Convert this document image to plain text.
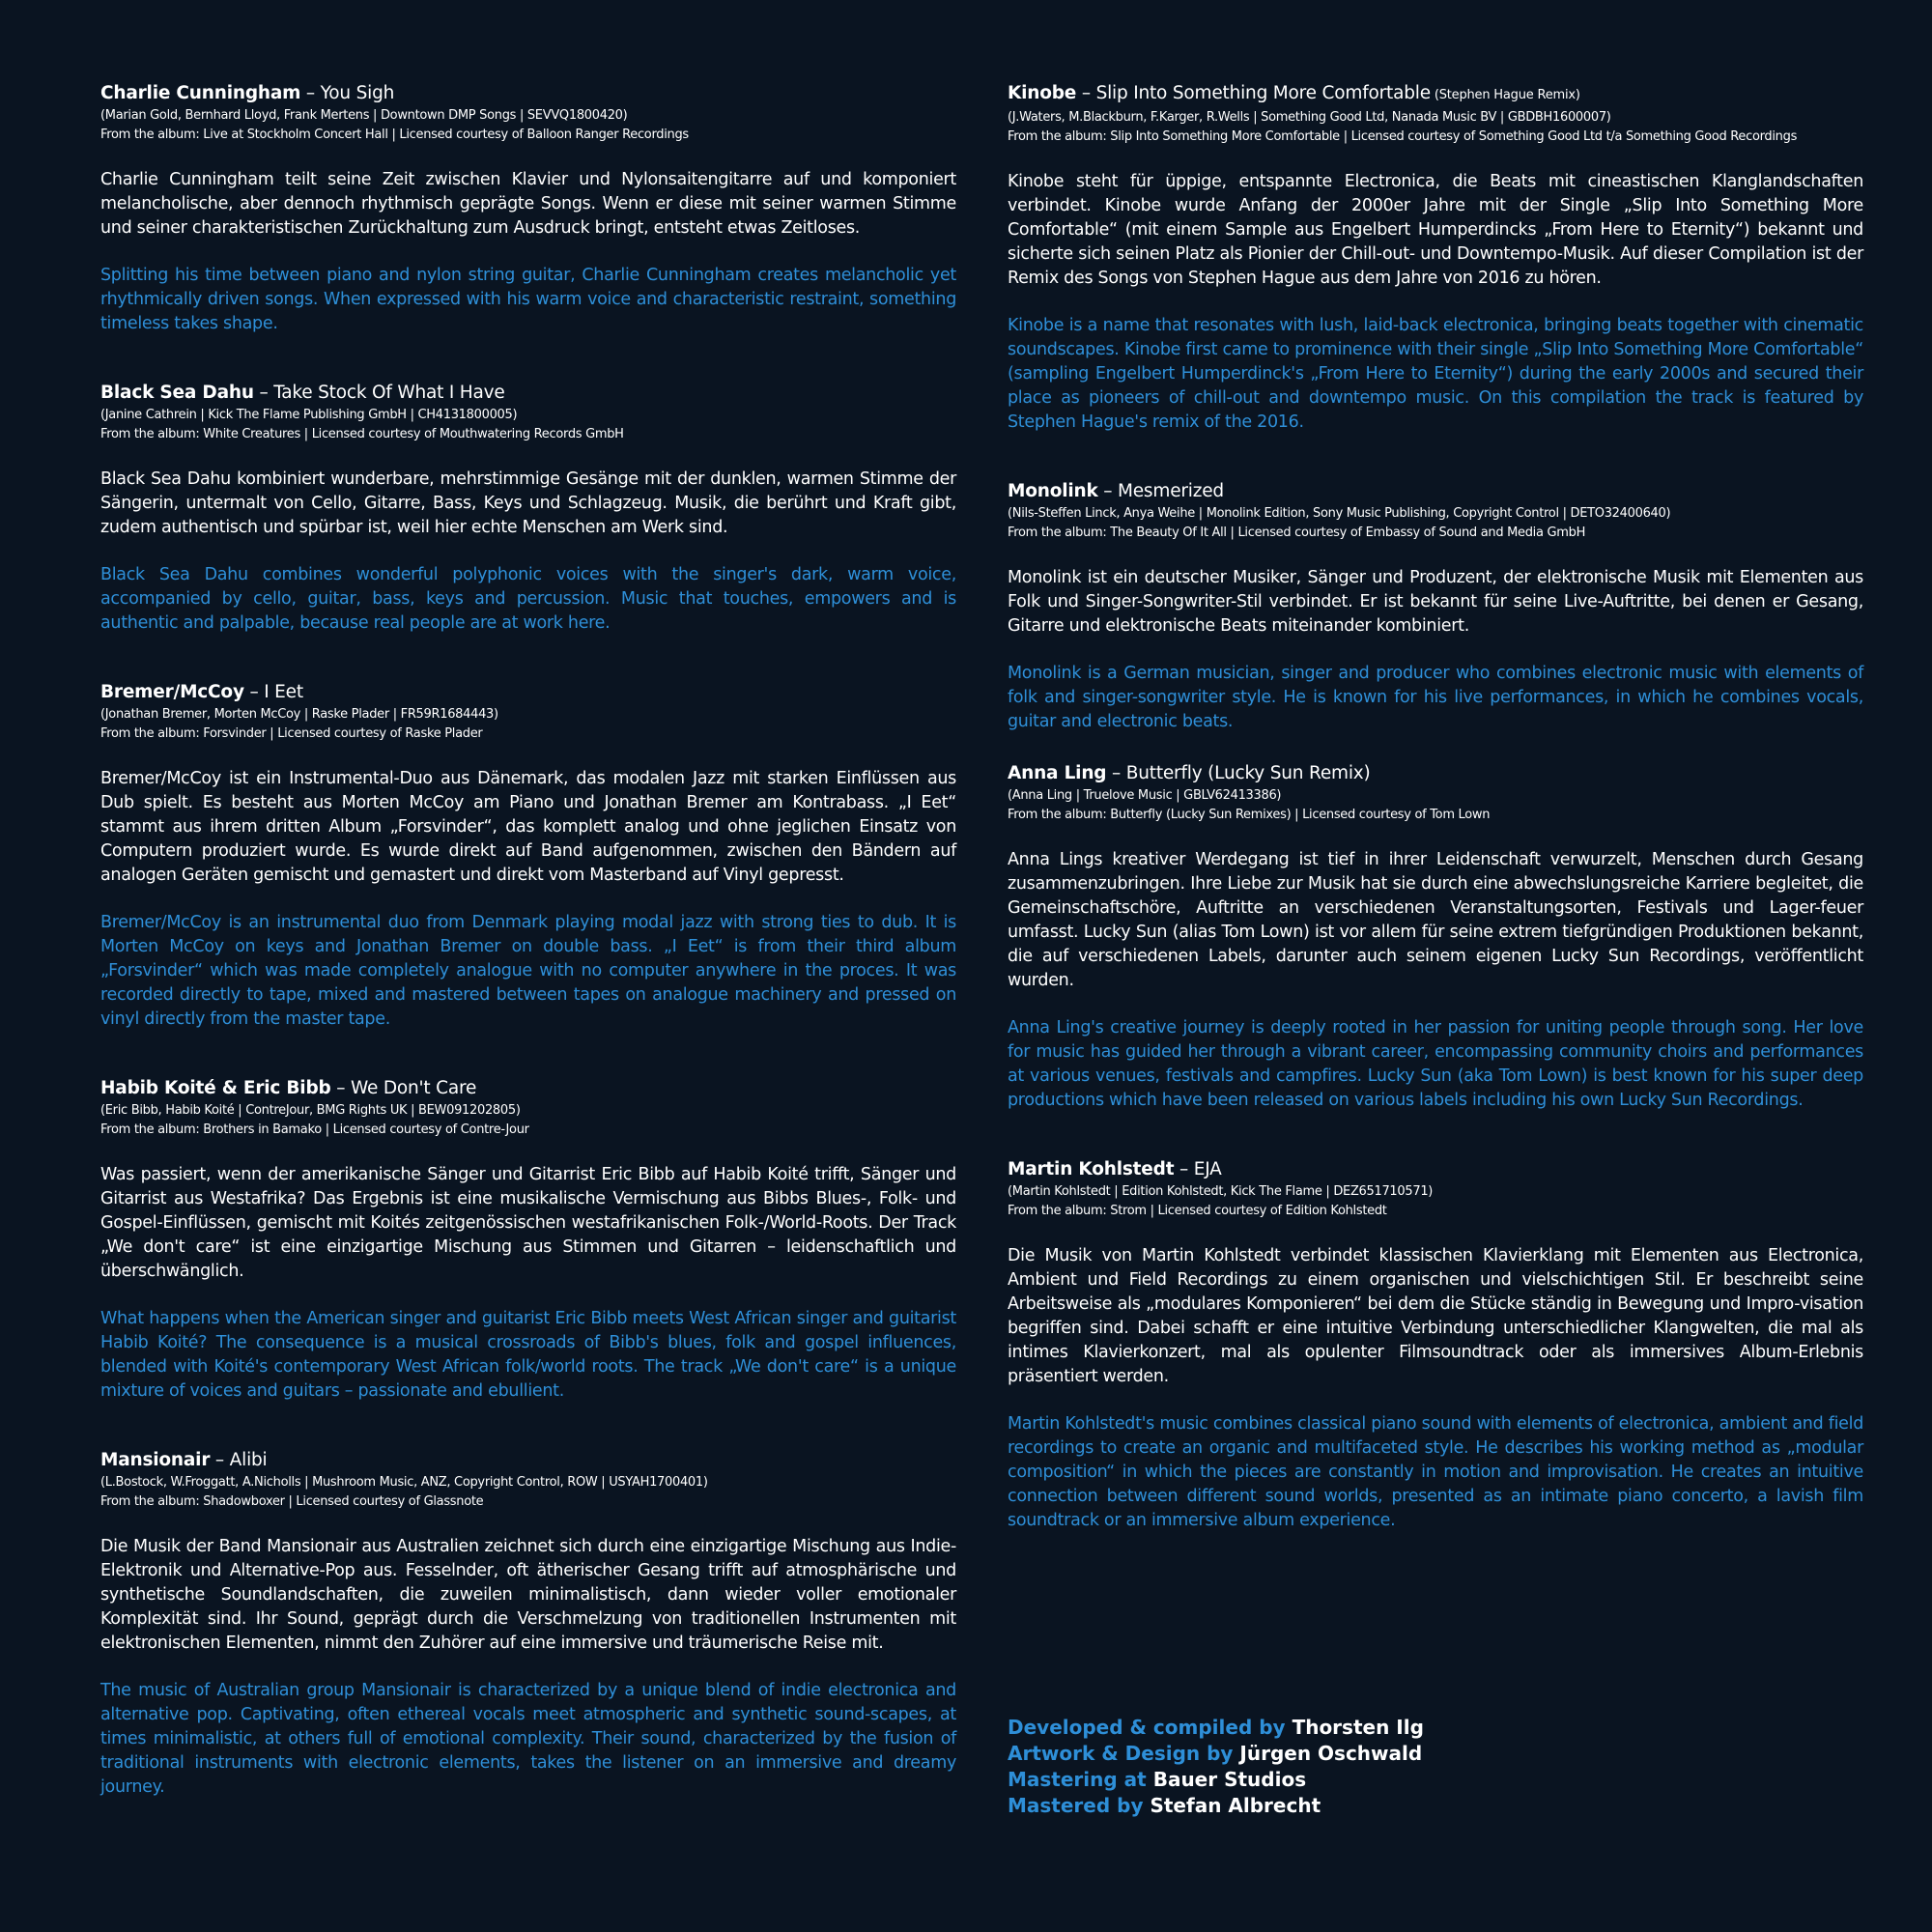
Charlie Cunningham – You Sigh
(Marian Gold, Bernhard Lloyd, Frank Mertens | Downtown DMP Songs | SEVVQ1800420)
From the album: Live at Stockholm Concert Hall | Licensed courtesy of Balloon Ranger Recordings

Charlie Cunningham teilt seine Zeit zwischen Klavier und Nylonsaitengitarre auf und komponiert melancholische, aber dennoch rhythmisch geprägte Songs. Wenn er diese mit seiner warmen Stimme und seiner charakteristischen Zurückhaltung zum Ausdruck bringt, entsteht etwas Zeitloses.

Splitting his time between piano and nylon string guitar, Charlie Cunningham creates melancholic yet rhythmically driven songs. When expressed with his warm voice and characteristic restraint, something timeless takes shape.

Black Sea Dahu – Take Stock Of What I Have
(Janine Cathrein | Kick The Flame Publishing GmbH | CH4131800005)
From the album: White Creatures | Licensed courtesy of Mouthwatering Records GmbH

Black Sea Dahu kombiniert wunderbare, mehrstimmige Gesänge mit der dunklen, warmen Stimme der Sängerin, untermalt von Cello, Gitarre, Bass, Keys und Schlagzeug. Musik, die berührt und Kraft gibt, zudem authentisch und spürbar ist, weil hier echte Menschen am Werk sind.

Black Sea Dahu combines wonderful polyphonic voices with the singer's dark, warm voice, accompanied by cello, guitar, bass, keys and percussion. Music that touches, empowers and is authentic and palpable, because real people are at work here.

Bremer/McCoy – I Eet
(Jonathan Bremer, Morten McCoy | Raske Plader | FR59R1684443)
From the album: Forsvinder | Licensed courtesy of Raske Plader

Bremer/McCoy ist ein Instrumental-Duo aus Dänemark, das modalen Jazz mit starken Einflüssen aus Dub spielt. Es besteht aus Morten McCoy am Piano und Jonathan Bremer am Kontrabass. „I Eet“ stammt aus ihrem dritten Album „Forsvinder“, das komplett analog und ohne jeglichen Einsatz von Computern produziert wurde. Es wurde direkt auf Band aufgenommen, zwischen den Bändern auf analogen Geräten gemischt und gemastert und direkt vom Masterband auf Vinyl gepresst.

Bremer/McCoy is an instrumental duo from Denmark playing modal jazz with strong ties to dub. It is Morten McCoy on keys and Jonathan Bremer on double bass. „I Eet“ is from their third album „Forsvinder“ which was made completely analogue with no computer anywhere in the proces. It was recorded directly to tape, mixed and mastered between tapes on analogue machinery and pressed on vinyl directly from the master tape.

Habib Koité & Eric Bibb – We Don't Care
(Eric Bibb, Habib Koité | ContreJour, BMG Rights UK | BEW091202805)
From the album: Brothers in Bamako | Licensed courtesy of Contre-Jour

Was passiert, wenn der amerikanische Sänger und Gitarrist Eric Bibb auf Habib Koité trifft, Sänger und Gitarrist aus Westafrika? Das Ergebnis ist eine musikalische Vermischung aus Bibbs Blues-, Folk- und Gospel-Einflüssen, gemischt mit Koités zeitgenössischen westafrikanischen Folk-/World-Roots. Der Track „We don't care“ ist eine einzigartige Mischung aus Stimmen und Gitarren – leidenschaftlich und überschwänglich.

What happens when the American singer and guitarist Eric Bibb meets West African singer and guitarist Habib Koité? The consequence is a musical crossroads of Bibb's blues, folk and gospel influences, blended with Koité's contemporary West African folk/world roots. The track „We don't care“ is a unique mixture of voices and guitars – passionate and ebullient.

Mansionair – Alibi
(L.Bostock, W.Froggatt, A.Nicholls | Mushroom Music, ANZ, Copyright Control, ROW | USYAH1700401)
From the album: Shadowboxer | Licensed courtesy of Glassnote

Die Musik der Band Mansionair aus Australien zeichnet sich durch eine einzigartige Mischung aus Indie-Elektronik und Alternative-Pop aus. Fesselnder, oft ätherischer Gesang trifft auf atmosphärische und synthetische Soundlandschaften, die zuweilen minimalistisch, dann wieder voller emotionaler Komplexität sind. Ihr Sound, geprägt durch die Verschmelzung von traditionellen Instrumenten mit elektronischen Elementen, nimmt den Zuhörer auf eine immersive und träumerische Reise mit.

The music of Australian group Mansionair is characterized by a unique blend of indie electronica and alternative pop. Captivating, often ethereal vocals meet atmospheric and synthetic sound-scapes, at times minimalistic, at others full of emotional complexity. Their sound, characterized by the fusion of traditional instruments with electronic elements, takes the listener on an immersive and dreamy journey.

Kinobe – Slip Into Something More Comfortable (Stephen Hague Remix)
(J.Waters, M.Blackburn, F.Karger, R.Wells | Something Good Ltd, Nanada Music BV | GBDBH1600007)
From the album: Slip Into Something More Comfortable | Licensed courtesy of Something Good Ltd t/a Something Good Recordings

Kinobe steht für üppige, entspannte Electronica, die Beats mit cineastischen Klanglandschaften verbindet. Kinobe wurde Anfang der 2000er Jahre mit der Single „Slip Into Something More Comfortable“ (mit einem Sample aus Engelbert Humperdincks „From Here to Eternity“) bekannt und sicherte sich seinen Platz als Pionier der Chill-out- und Downtempo-Musik. Auf dieser Compilation ist der Remix des Songs von Stephen Hague aus dem Jahre von 2016 zu hören.

Kinobe is a name that resonates with lush, laid-back electronica, bringing beats together with cinematic soundscapes. Kinobe first came to prominence with their single „Slip Into Something More Comfortable“ (sampling Engelbert Humperdinck's „From Here to Eternity“) during the early 2000s and secured their place as pioneers of chill-out and downtempo music. On this compilation the track is featured by Stephen Hague's remix of the 2016.

Monolink – Mesmerized
(Nils-Steffen Linck, Anya Weihe | Monolink Edition, Sony Music Publishing, Copyright Control | DETO32400640)
From the album: The Beauty Of It All | Licensed courtesy of Embassy of Sound and Media GmbH

Monolink ist ein deutscher Musiker, Sänger und Produzent, der elektronische Musik mit Elementen aus Folk und Singer-Songwriter-Stil verbindet. Er ist bekannt für seine Live-Auftritte, bei denen er Gesang, Gitarre und elektronische Beats miteinander kombiniert.

Monolink is a German musician, singer and producer who combines electronic music with elements of folk and singer-songwriter style. He is known for his live performances, in which he combines vocals, guitar and electronic beats.

Anna Ling – Butterfly (Lucky Sun Remix)
(Anna Ling | Truelove Music | GBLV62413386)
From the album: Butterfly (Lucky Sun Remixes) | Licensed courtesy of Tom Lown

Anna Lings kreativer Werdegang ist tief in ihrer Leidenschaft verwurzelt, Menschen durch Gesang zusammenzubringen. Ihre Liebe zur Musik hat sie durch eine abwechslungsreiche Karriere begleitet, die Gemeinschaftschöre, Auftritte an verschiedenen Veranstaltungsorten, Festivals und Lager-feuer umfasst. Lucky Sun (alias Tom Lown) ist vor allem für seine extrem tiefgründigen Produktionen bekannt, die auf verschiedenen Labels, darunter auch seinem eigenen Lucky Sun Recordings, veröffentlicht wurden.

Anna Ling's creative journey is deeply rooted in her passion for uniting people through song. Her love for music has guided her through a vibrant career, encompassing community choirs and performances at various venues, festivals and campfires. Lucky Sun (aka Tom Lown) is best known for his super deep productions which have been released on various labels including his own Lucky Sun Recordings.

Martin Kohlstedt – EJA
(Martin Kohlstedt | Edition Kohlstedt, Kick The Flame | DEZ651710571)
From the album: Strom | Licensed courtesy of Edition Kohlstedt

Die Musik von Martin Kohlstedt verbindet klassischen Klavierklang mit Elementen aus Electronica, Ambient und Field Recordings zu einem organischen und vielschichtigen Stil. Er beschreibt seine Arbeitsweise als „modulares Komponieren“ bei dem die Stücke ständig in Bewegung und Impro-visation begriffen sind. Dabei schafft er eine intuitive Verbindung unterschiedlicher Klangwelten, die mal als intimes Klavierkonzert, mal als opulenter Filmsoundtrack oder als immersives Album-Erlebnis präsentiert werden.

Martin Kohlstedt's music combines classical piano sound with elements of electronica, ambient and field recordings to create an organic and multifaceted style. He describes his working method as „modular composition“ in which the pieces are constantly in motion and improvisation. He creates an intuitive connection between different sound worlds, presented as an intimate piano concerto, a lavish film soundtrack or an immersive album experience.

Developed & compiled by Thorsten Ilg
Artwork & Design by Jürgen Oschwald
Mastering at Bauer Studios
Mastered by Stefan Albrecht
